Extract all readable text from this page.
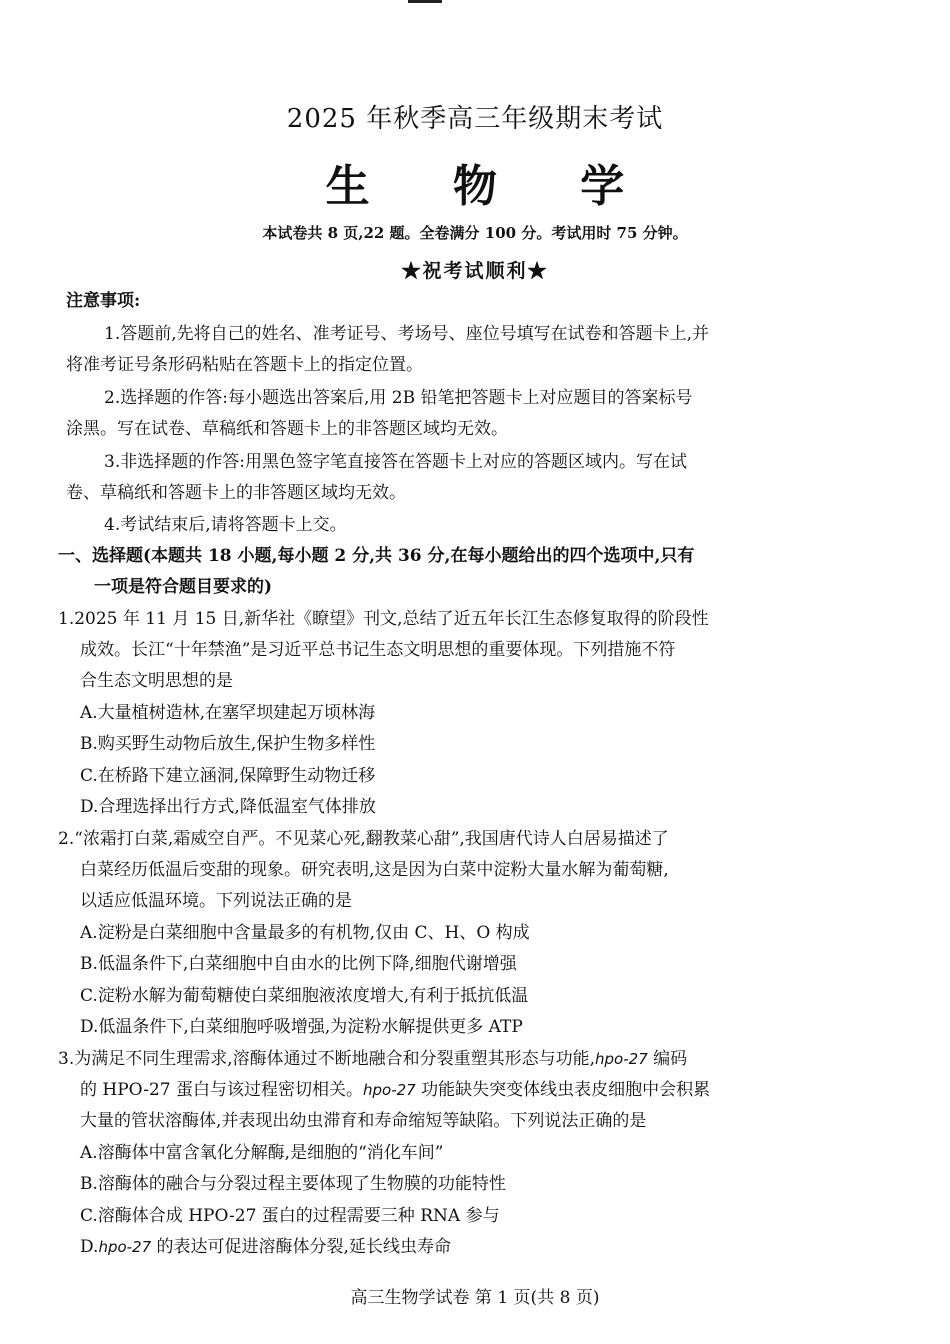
2025 年秋季高三年级期末考试
生 物 学
本试卷共 8 页,22 题。全卷满分 100 分。考试用时 75 分钟。
★祝考试顺利★
注意事项:
1.答题前,先将自己的姓名、准考证号、考场号、座位号填写在试卷和答题卡上,并
将准考证号条形码粘贴在答题卡上的指定位置。
2.选择题的作答:每小题选出答案后,用 2B 铅笔把答题卡上对应题目的答案标号
涂黑。写在试卷、草稿纸和答题卡上的非答题区域均无效。
3.非选择题的作答:用黑色签字笔直接答在答题卡上对应的答题区域内。写在试
卷、草稿纸和答题卡上的非答题区域均无效。
4.考试结束后,请将答题卡上交。
一、选择题(本题共 18 小题,每小题 2 分,共 36 分,在每小题给出的四个选项中,只有
一项是符合题目要求的)
1.2025 年 11 月 15 日,新华社《瞭望》刊文,总结了近五年长江生态修复取得的阶段性
成效。长江“十年禁渔”是习近平总书记生态文明思想的重要体现。下列措施不符
合生态文明思想的是
A.大量植树造林,在塞罕坝建起万顷林海
B.购买野生动物后放生,保护生物多样性
C.在桥路下建立涵洞,保障野生动物迁移
D.合理选择出行方式,降低温室气体排放
2.“浓霜打白菜,霜威空自严。不见菜心死,翻教菜心甜”,我国唐代诗人白居易描述了
白菜经历低温后变甜的现象。研究表明,这是因为白菜中淀粉大量水解为葡萄糖,
以适应低温环境。下列说法正确的是
A.淀粉是白菜细胞中含量最多的有机物,仅由 C、H、O 构成
B.低温条件下,白菜细胞中自由水的比例下降,细胞代谢增强
C.淀粉水解为葡萄糖使白菜细胞液浓度增大,有利于抵抗低温
D.低温条件下,白菜细胞呼吸增强,为淀粉水解提供更多 ATP
3.为满足不同生理需求,溶酶体通过不断地融合和分裂重塑其形态与功能,hpo-27 编码
的 HPO-27 蛋白与该过程密切相关。hpo-27 功能缺失突变体线虫表皮细胞中会积累
大量的管状溶酶体,并表现出幼虫滞育和寿命缩短等缺陷。下列说法正确的是
A.溶酶体中富含氧化分解酶,是细胞的“消化车间”
B.溶酶体的融合与分裂过程主要体现了生物膜的功能特性
C.溶酶体合成 HPO-27 蛋白的过程需要三种 RNA 参与
D.hpo-27 的表达可促进溶酶体分裂,延长线虫寿命
高三生物学试卷 第 1 页(共 8 页)
